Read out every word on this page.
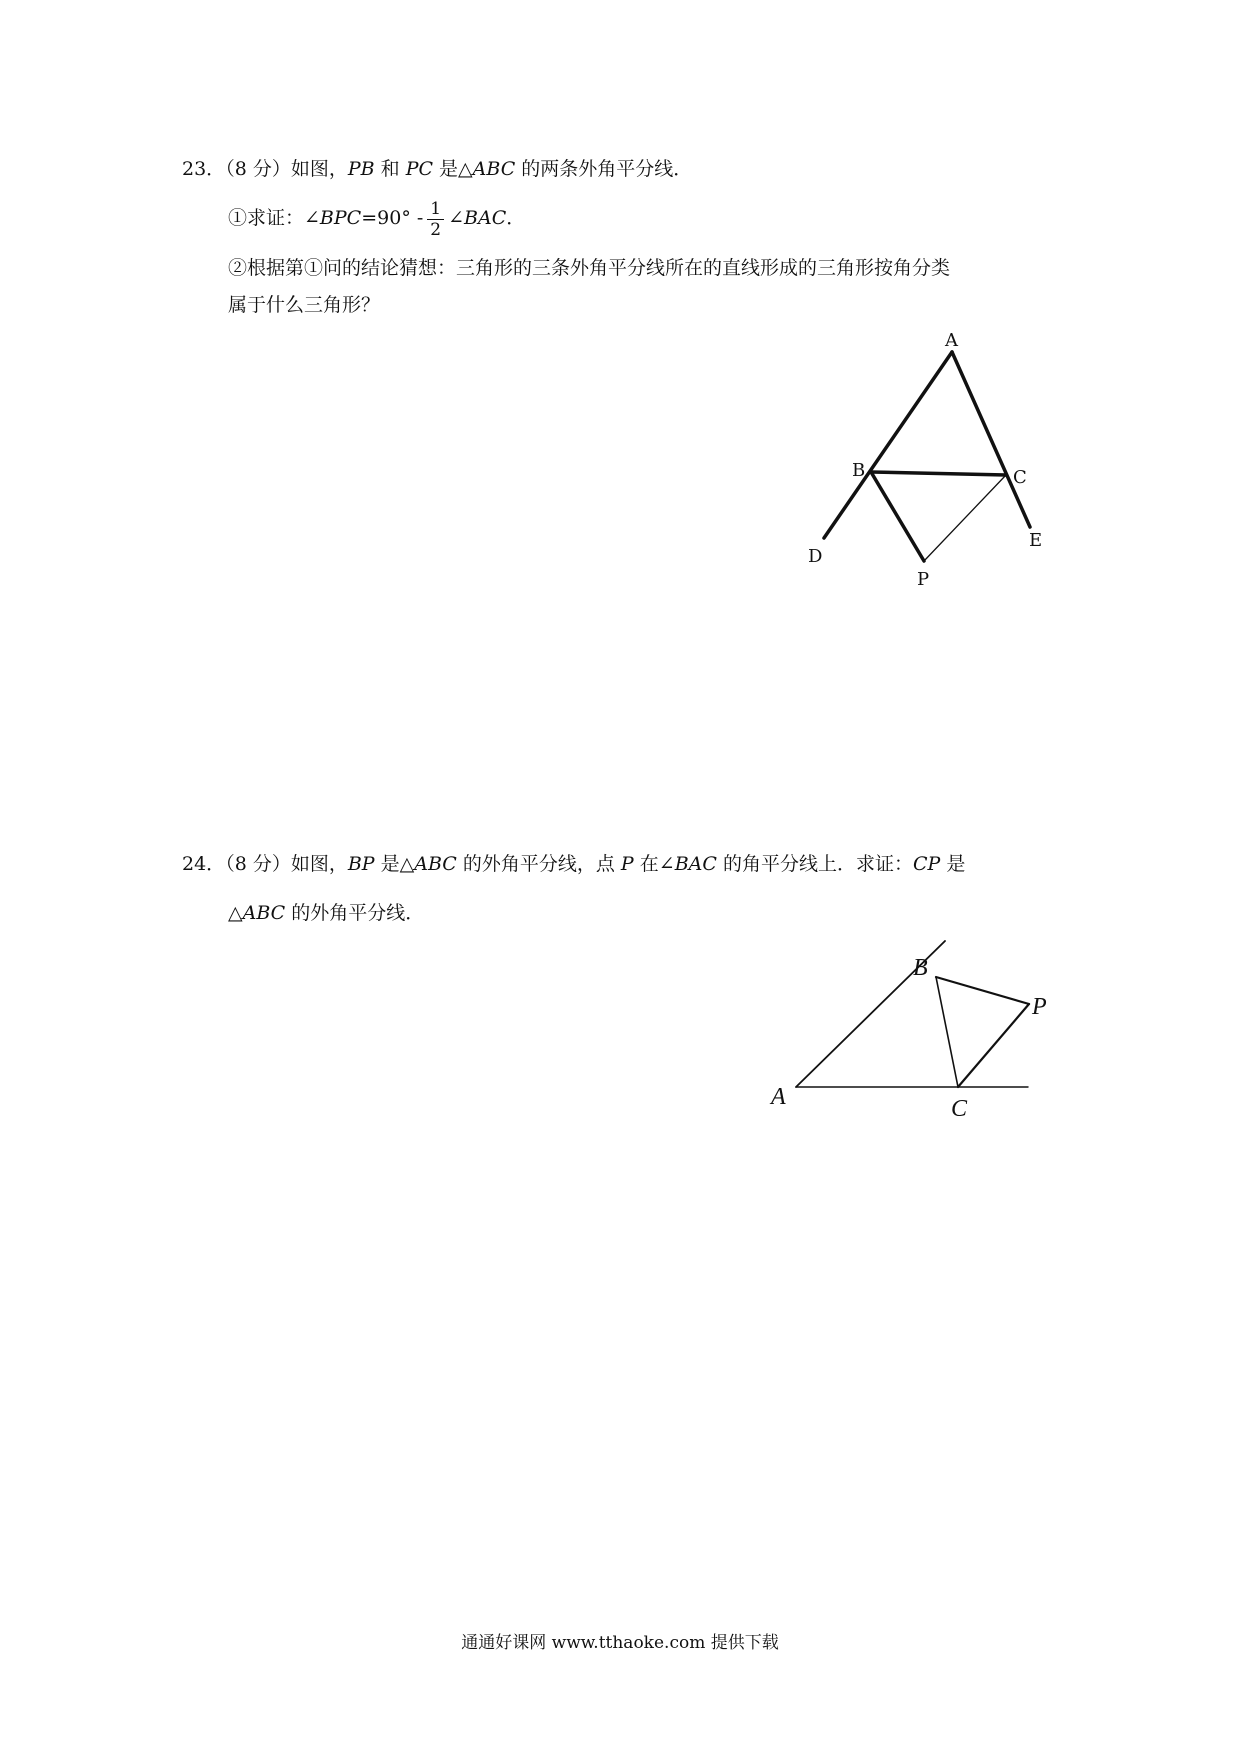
23．（8 分）如图，PB 和 PC 是△ABC 的两条外角平分线．
①求证：∠BPC=90° - $\frac{1}{2}$ ∠BAC．
②根据第①问的结论猜想：三角形的三条外角平分线所在的直线形成的三角形按角分类
属于什么三角形？
A
B	C
D
E
P
24．（8 分）如图，BP 是△ABC 的外角平分线，点 P 在∠BAC 的角平分线上．求证：CP 是
△ABC 的外角平分线．
B
P
A	C
通通好课网 www.tthaoke.com 提供下载
